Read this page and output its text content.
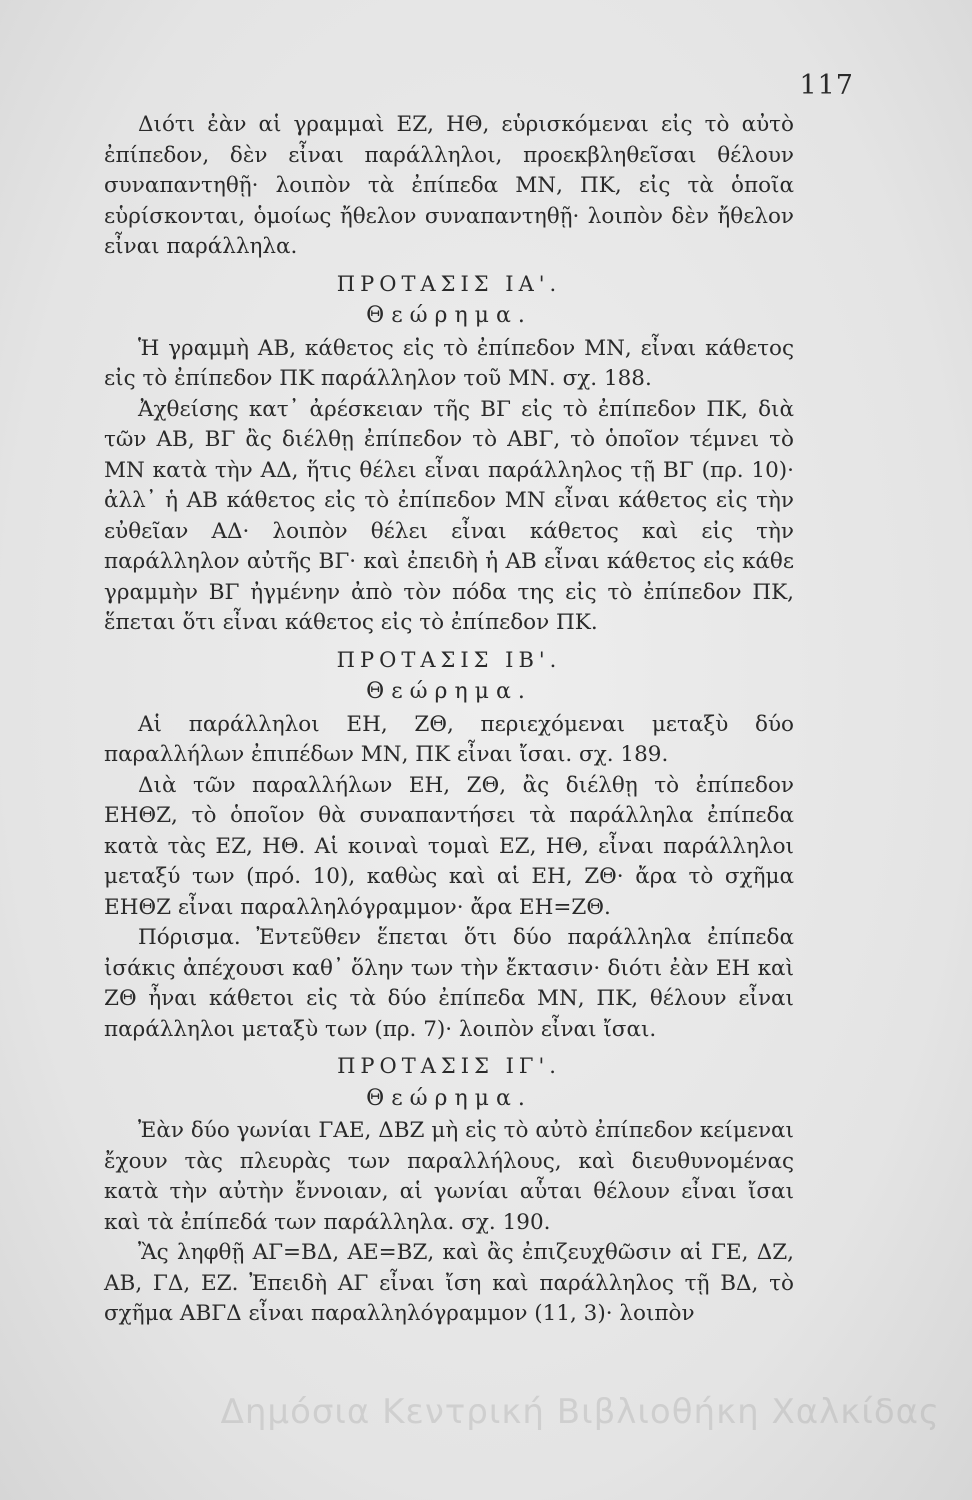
117

Διότι ἐὰν αἱ γραμμαὶ ΕΖ, ΗΘ, εὑρισκόμεναι εἰς τὸ αὐτὸ ἐπίπεδον, δὲν εἶναι παράλληλοι, προεκβληθεῖσαι θέλουν συναπαντηθῇ· λοιπὸν τὰ ἐπίπεδα ΜΝ, ΠΚ, εἰς τὰ ὁποῖα εὑρίσκονται, ὁμοίως ἤθελον συναπαντηθῇ· λοιπὸν δὲν ἤθελον εἶναι παράλληλα.

ΠΡΟΤΑΣΙΣ ΙΑ'.
Θεώρημα.

Ἡ γραμμὴ ΑΒ, κάθετος εἰς τὸ ἐπίπεδον ΜΝ, εἶναι κάθετος εἰς τὸ ἐπίπεδον ΠΚ παράλληλον τοῦ ΜΝ. σχ. 188.

Ἀχθείσης κατ᾽ ἀρέσκειαν τῆς ΒΓ εἰς τὸ ἐπίπεδον ΠΚ, διὰ τῶν ΑΒ, ΒΓ ἂς διέλθῃ ἐπίπεδον τὸ ΑΒΓ, τὸ ὁποῖον τέμνει τὸ ΜΝ κατὰ τὴν ΑΔ, ἥτις θέλει εἶναι παράλληλος τῇ ΒΓ (πρ. 10)· ἀλλ᾽ ἡ ΑΒ κάθετος εἰς τὸ ἐπίπεδον ΜΝ εἶναι κάθετος εἰς τὴν εὐθεῖαν ΑΔ· λοιπὸν θέλει εἶναι κάθετος καὶ εἰς τὴν παράλληλον αὐτῆς ΒΓ· καὶ ἐπειδὴ ἡ ΑΒ εἶναι κάθετος εἰς κάθε γραμμὴν ΒΓ ἠγμένην ἀπὸ τὸν πόδα της εἰς τὸ ἐπίπεδον ΠΚ, ἕπεται ὅτι εἶναι κάθετος εἰς τὸ ἐπίπεδον ΠΚ.

ΠΡΟΤΑΣΙΣ ΙΒ'.
Θεώρημα.

Αἱ παράλληλοι ΕΗ, ΖΘ, περιεχόμεναι μεταξὺ δύο παραλλήλων ἐπιπέδων ΜΝ, ΠΚ εἶναι ἴσαι. σχ. 189.

Διὰ τῶν παραλλήλων ΕΗ, ΖΘ, ἂς διέλθῃ τὸ ἐπίπεδον ΕΗΘΖ, τὸ ὁποῖον θὰ συναπαντήσει τὰ παράλληλα ἐπίπεδα κατὰ τὰς ΕΖ, ΗΘ. Αἱ κοιναὶ τομαὶ ΕΖ, ΗΘ, εἶναι παράλληλοι μεταξύ των (πρό. 10), καθὼς καὶ αἱ ΕΗ, ΖΘ· ἄρα τὸ σχῆμα ΕΗΘΖ εἶναι παραλληλόγραμμον· ἄρα ΕΗ=ΖΘ.

Πόρισμα. Ἐντεῦθεν ἕπεται ὅτι δύο παράλληλα ἐπίπεδα ἰσάκις ἀπέχουσι καθ᾽ ὅλην των τὴν ἔκτασιν· διότι ἐὰν ΕΗ καὶ ΖΘ ἦναι κάθετοι εἰς τὰ δύο ἐπίπεδα ΜΝ, ΠΚ, θέλουν εἶναι παράλληλοι μεταξὺ των (πρ. 7)· λοιπὸν εἶναι ἴσαι.

ΠΡΟΤΑΣΙΣ ΙΓ'.
Θεώρημα.

Ἐὰν δύο γωνίαι ΓΑΕ, ΔΒΖ μὴ εἰς τὸ αὐτὸ ἐπίπεδον κείμεναι ἔχουν τὰς πλευρὰς των παραλλήλους, καὶ διευθυνομένας κατὰ τὴν αὐτὴν ἔννοιαν, αἱ γωνίαι αὗται θέλουν εἶναι ἴσαι καὶ τὰ ἐπίπεδά των παράλληλα. σχ. 190.

Ἂς ληφθῇ ΑΓ=ΒΔ, ΑΕ=ΒΖ, καὶ ἂς ἐπιζευχθῶσιν αἱ ΓΕ, ΔΖ, ΑΒ, ΓΔ, ΕΖ. Ἐπειδὴ ΑΓ εἶναι ἴση καὶ παράλληλος τῇ ΒΔ, τὸ σχῆμα ΑΒΓΔ εἶναι παραλληλόγραμμον (11, 3)· λοιπὸν

Δημόσια Κεντρική Βιβλιοθήκη Χαλκίδας
